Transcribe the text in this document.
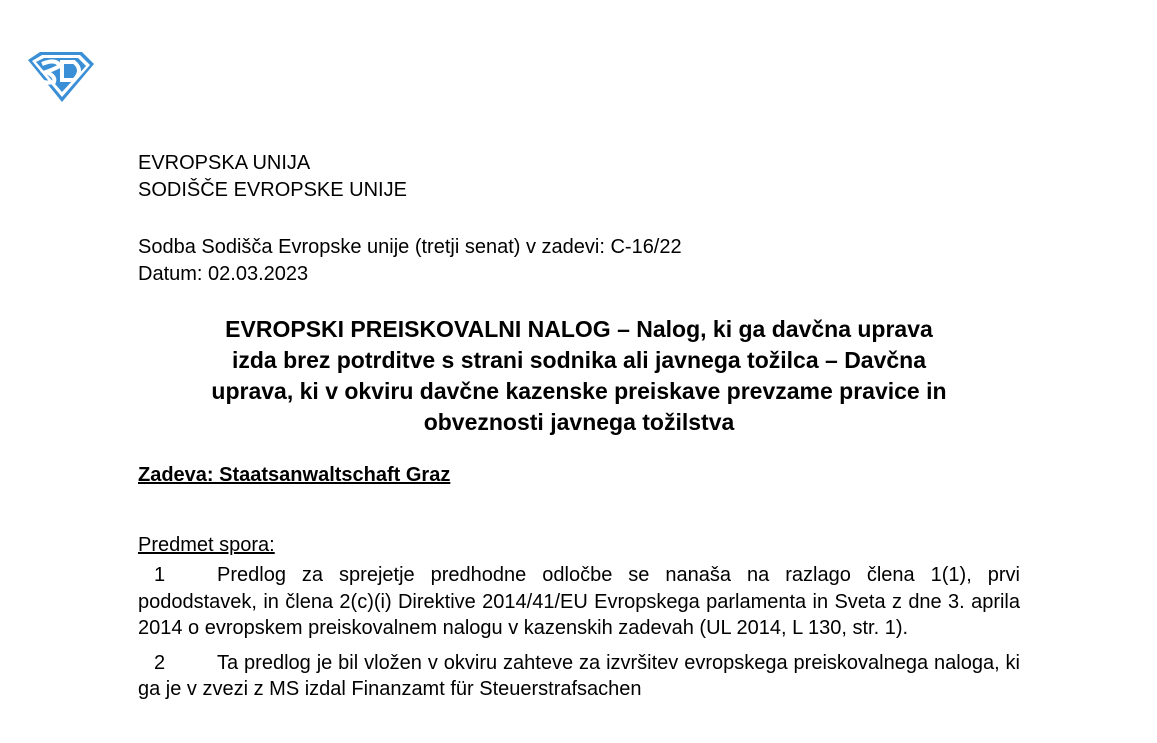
EVROPSKA UNIJA
SODIŠČE EVROPSKE UNIJE
Sodba Sodišča Evropske unije (tretji senat) v zadevi: C-16/22
Datum: 02.03.2023
EVROPSKI PREISKOVALNI NALOG – Nalog, ki ga davčna uprava
izda brez potrditve s strani sodnika ali javnega tožilca – Davčna
uprava, ki v okviru davčne kazenske preiskave prevzame pravice in
obveznosti javnega tožilstva
Zadeva: Staatsanwaltschaft Graz
Predmet spora:
1	Predlog za sprejetje predhodne odločbe se nanaša na razlago člena 1(1), prvi pododstavek, in člena 2(c)(i) Direktive 2014/41/EU Evropskega parlamenta in Sveta z dne 3. aprila 2014 o evropskem preiskovalnem nalogu v kazenskih zadevah (UL 2014, L 130, str. 1).
2	Ta predlog je bil vložen v okviru zahteve za izvršitev evropskega preiskovalnega naloga, ki ga je v zvezi z MS izdal Finanzamt für Steuerstrafsachen
